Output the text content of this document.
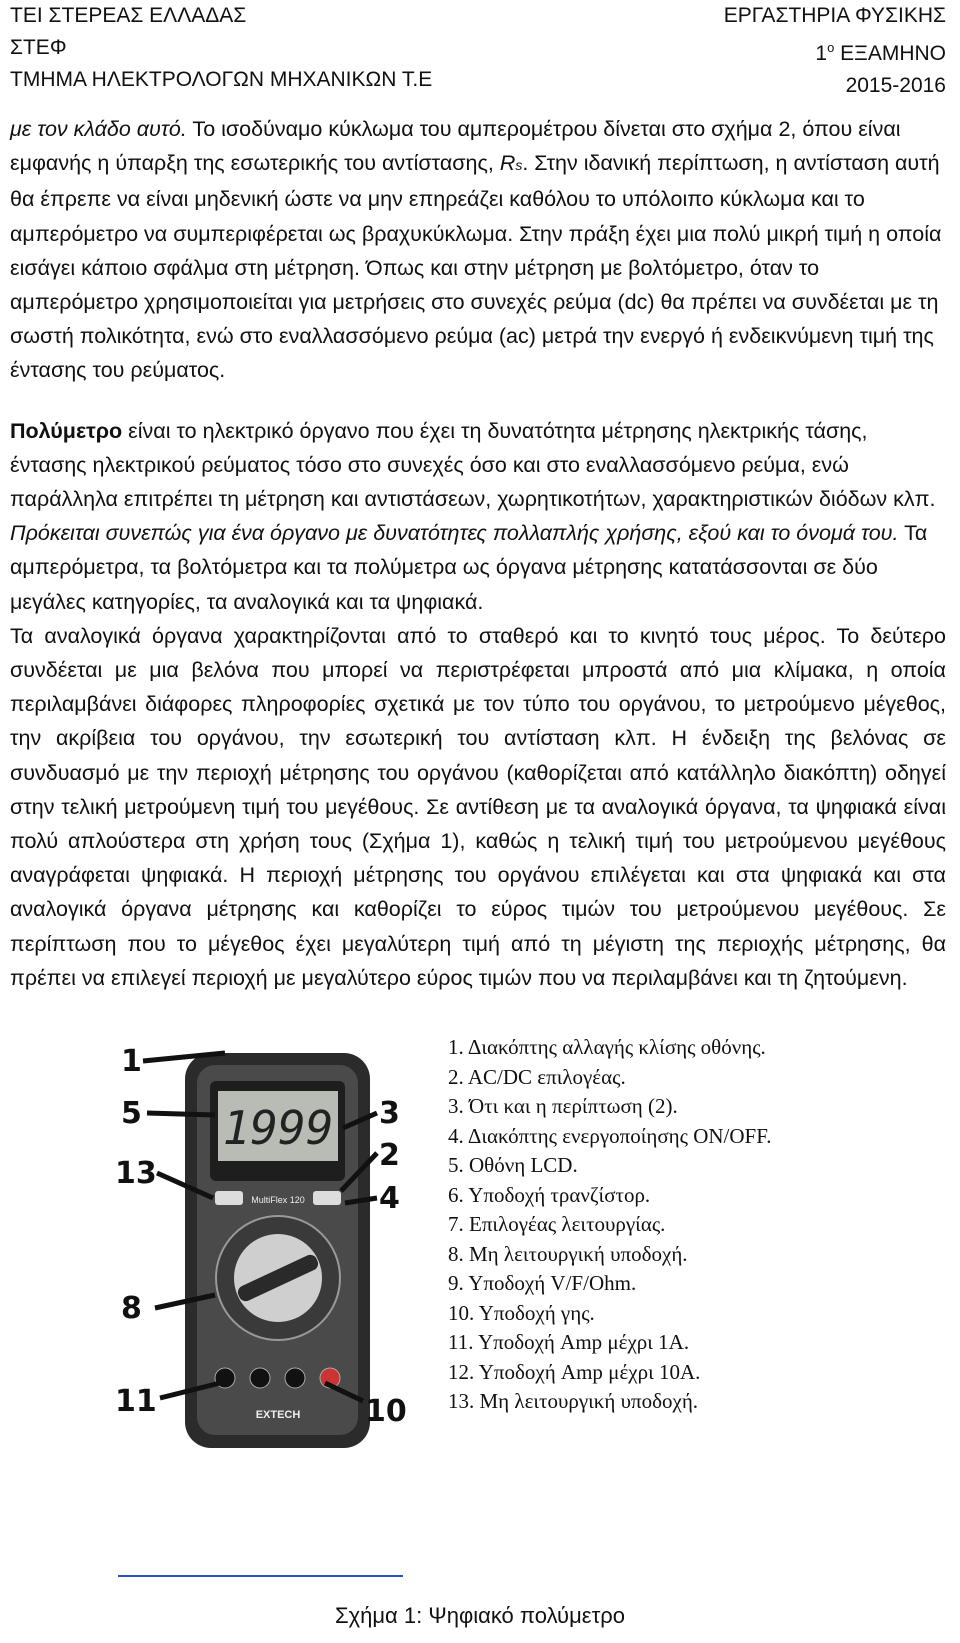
ΤΕΙ ΣΤΕΡΕΑΣ ΕΛΛΑΔΑΣ
ΣΤΕΦ
ΤΜΗΜΑ ΗΛΕΚΤΡΟΛΟΓΩΝ ΜΗΧΑΝΙΚΩΝ Τ.Ε
ΕΡΓΑΣΤΗΡΙΑ ΦΥΣΙΚΗΣ
$1^o$ ΕΞΑΜΗΝΟ
2015-2016
με τον κλάδο αυτό. Το ισοδύναμο κύκλωμα του αμπερομέτρου δίνεται στο σχήμα 2, όπου είναι εμφανής η ύπαρξη της εσωτερικής του αντίστασης, Rs. Στην ιδανική περίπτωση, η αντίσταση αυτή θα έπρεπε να είναι μηδενική ώστε να μην επηρεάζει καθόλου το υπόλοιπο κύκλωμα και το αμπερόμετρο να συμπεριφέρεται ως βραχυκύκλωμα. Στην πράξη έχει μια πολύ μικρή τιμή η οποία εισάγει κάποιο σφάλμα στη μέτρηση. Όπως και στην μέτρηση με βολτόμετρο, όταν το αμπερόμετρο χρησιμοποιείται για μετρήσεις στο συνεχές ρεύμα (dc) θα πρέπει να συνδέεται με τη σωστή πολικότητα, ενώ στο εναλλασσόμενο ρεύμα (ac) μετρά την ενεργό ή ενδεικνύμενη τιμή της έντασης του ρεύματος.
Πολύμετρο είναι το ηλεκτρικό όργανο που έχει τη δυνατότητα μέτρησης ηλεκτρικής τάσης, έντασης ηλεκτρικού ρεύματος τόσο στο συνεχές όσο και στο εναλλασσόμενο ρεύμα, ενώ παράλληλα επιτρέπει τη μέτρηση και αντιστάσεων, χωρητικοτήτων, χαρακτηριστικών διόδων κλπ. Πρόκειται συνεπώς για ένα όργανο με δυνατότητες πολλαπλής χρήσης, εξού και το όνομά του. Τα αμπερόμετρα, τα βολτόμετρα και τα πολύμετρα ως όργανα μέτρησης κατατάσσονται σε δύο μεγάλες κατηγορίες, τα αναλογικά και τα ψηφιακά.
Τα αναλογικά όργανα χαρακτηρίζονται από το σταθερό και το κινητό τους μέρος. Το δεύτερο συνδέεται με μια βελόνα που μπορεί να περιστρέφεται μπροστά από μια κλίμακα, η οποία περιλαμβάνει διάφορες πληροφορίες σχετικά με τον τύπο του οργάνου, το μετρούμενο μέγεθος, την ακρίβεια του οργάνου, την εσωτερική του αντίσταση κλπ. Η ένδειξη της βελόνας σε συνδυασμό με την περιοχή μέτρησης του οργάνου (καθορίζεται από κατάλληλο διακόπτη) οδηγεί στην τελική μετρούμενη τιμή του μεγέθους. Σε αντίθεση με τα αναλογικά όργανα, τα ψηφιακά είναι πολύ απλούστερα στη χρήση τους (Σχήμα 1), καθώς η τελική τιμή του μετρούμενου μεγέθους αναγράφεται ψηφιακά. Η περιοχή μέτρησης του οργάνου επιλέγεται και στα ψηφιακά και στα αναλογικά όργανα μέτρησης και καθορίζει το εύρος τιμών του μετρούμενου μεγέθους. Σε περίπτωση που το μέγεθος έχει μεγαλύτερη τιμή από τη μέγιστη της περιοχής μέτρησης, θα πρέπει να επιλεγεί περιοχή με μεγαλύτερο εύρος τιμών που να περιλαμβάνει και τη ζητούμενη.
1999
MultiFlex 120
EXTECH
1
5
13
8
11
3
2
4
10
1. Διακόπτης αλλαγής κλίσης οθόνης.
2. AC/DC επιλογέας.
3. Ότι και η περίπτωση (2).
4. Διακόπτης ενεργοποίησης ON/OFF.
5. Οθόνη LCD.
6. Υποδοχή τρανζίστορ.
7. Επιλογέας λειτουργίας.
8. Μη λειτουργική υποδοχή.
9. Υποδοχή V/F/Ohm.
10. Υποδοχή γης.
11. Υποδοχή Amp μέχρι 1A.
12. Υποδοχή Amp μέχρι 10A.
13. Μη λειτουργική υποδοχή.
Σχήμα 1: Ψηφιακό πολύμετρο
